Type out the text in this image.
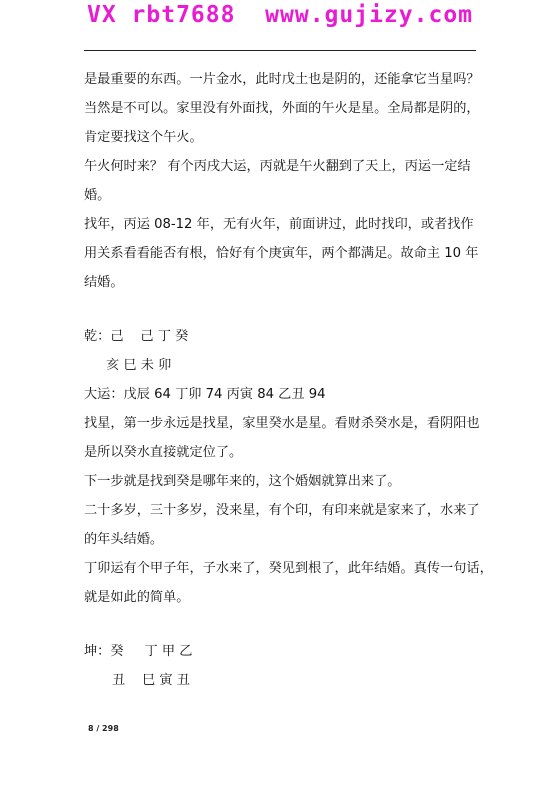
VX rbt7688  www.gujizy.com
是最重要的东西。一片金水，此时戊土也是阴的，还能拿它当星吗？
当然是不可以。家里没有外面找，外面的午火是星。全局都是阴的，
肯定要找这个午火。
午火何时来？ 有个丙戌大运，丙就是午火翻到了天上，丙运一定结
婚。
找年，丙运 08-12 年，无有火年，前面讲过，此时找印，或者找作
用关系看看能否有根，恰好有个庚寅年，两个都满足。故命主 10 年
结婚。
乾：己    己 丁 癸
亥 巳 未 卯
大运：戊辰 64 丁卯 74 丙寅 84 乙丑 94
找星，第一步永远是找星，家里癸水是星。看财杀癸水是，看阴阳也
是所以癸水直接就定位了。
下一步就是找到癸是哪年来的，这个婚姻就算出来了。
二十多岁，三十多岁，没来星，有个印，有印来就是家来了，水来了
的年头结婚。
丁卯运有个甲子年，子水来了，癸见到根了，此年结婚。真传一句话，
就是如此的简单。
坤：癸     丁 甲 乙
丑    巳 寅 丑
8 / 298
